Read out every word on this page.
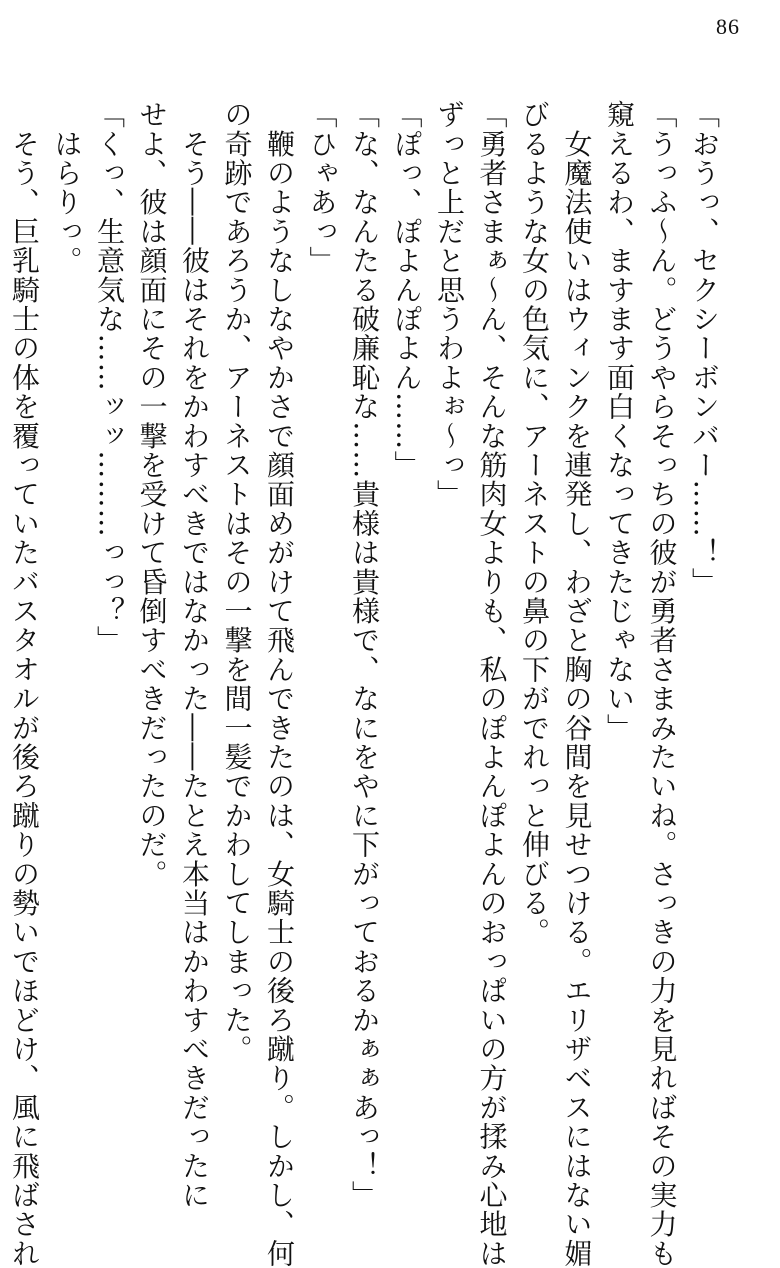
86
「おうっ、セクシーボンバー……！」
「うっふ～ん。どうやらそっちの彼が勇者さまみたいね。さっきの力を見ればその実力も
窺えるわ、ますます面白くなってきたじゃない」
　女魔法使いはウィンクを連発し、わざと胸の谷間を見せつける。エリザベスにはない媚
びるような女の色気に、アーネストの鼻の下がでれっと伸びる。
「勇者さまぁ～ん、そんな筋肉女よりも、私のぽよんぽよんのおっぱいの方が揉み心地は
ずっと上だと思うわよぉ～っ」
「ぽっ、ぽよんぽよん……」
「な、なんたる破廉恥な……貴様は貴様で、なにをやに下がっておるかぁぁあっ！」
「ひゃあっ」
　鞭のようなしなやかさで顔面めがけて飛んできたのは、女騎士の後ろ蹴り。しかし、何
の奇跡であろうか、アーネストはその一撃を間一髪でかわしてしまった。
　そう――彼はそれをかわすべきではなかった――たとえ本当はかわすべきだったに
せよ、彼は顔面にその一撃を受けて昏倒すべきだったのだ。
「くっ、生意気な……ッッ………っっ？」
　はらりっ。
　そう、巨乳騎士の体を覆っていたバスタオルが後ろ蹴りの勢いでほどけ、風に飛ばされ
